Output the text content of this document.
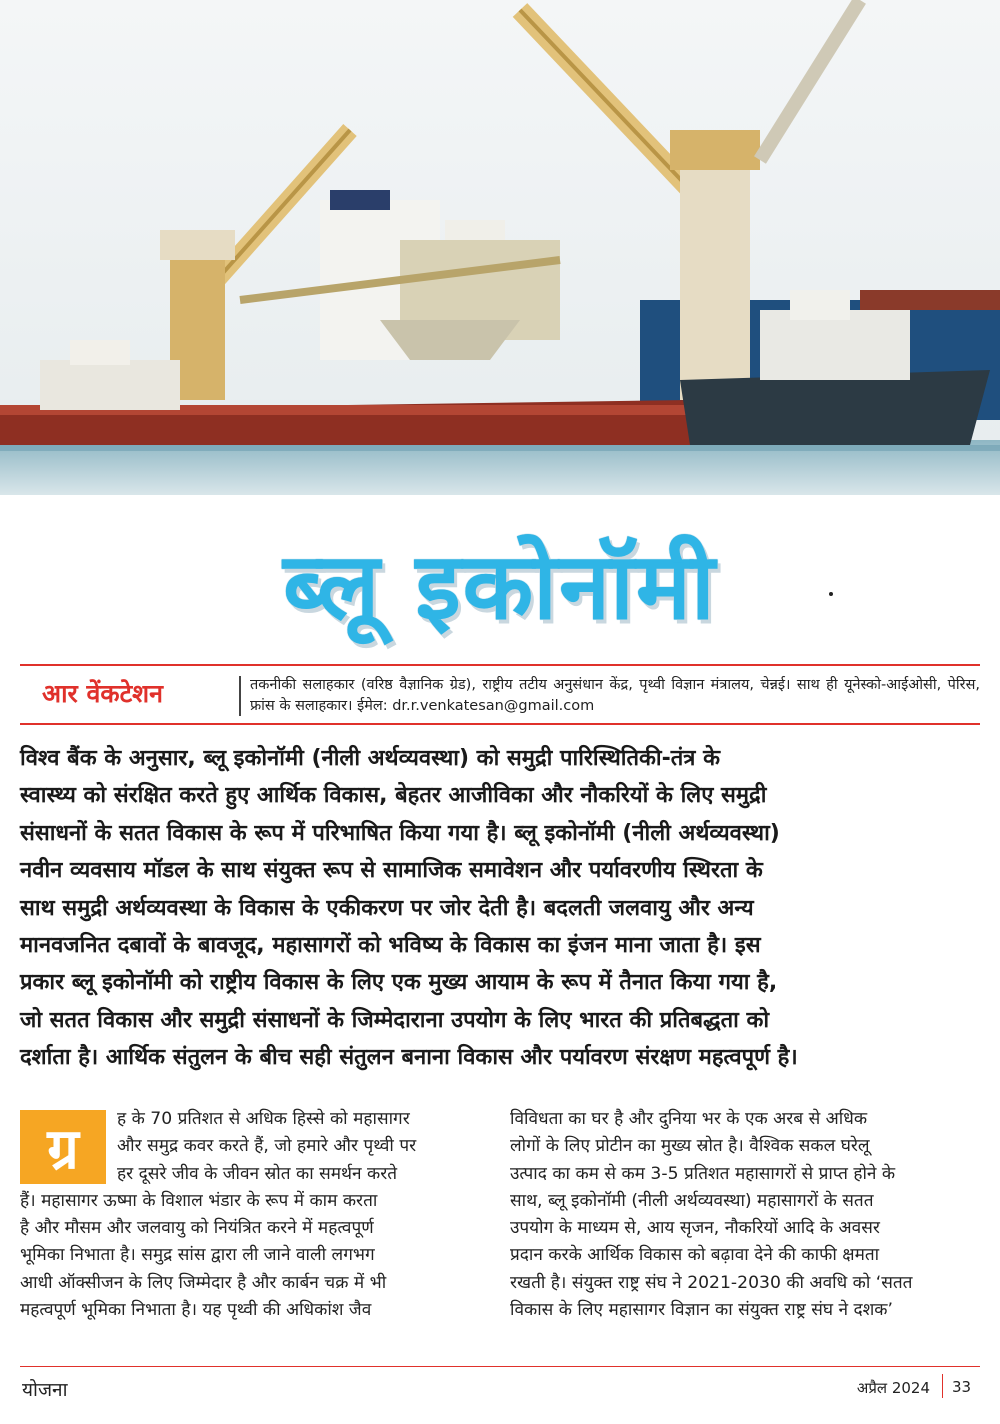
ब्लू इकोनॉमी
आर वेंकटेशन	तकनीकी सलाहकार (वरिष्ठ वैज्ञानिक ग्रेड), राष्ट्रीय तटीय अनुसंधान केंद्र, पृथ्वी विज्ञान मंत्रालय, चेन्नई। साथ ही यूनेस्को-आईओसी, पेरिस, फ्रांस के सलाहकार। ईमेल: dr.r.venkatesan@gmail.com
विश्व बैंक के अनुसार, ब्लू इकोनॉमी (नीली अर्थव्यवस्था) को समुद्री पारिस्थितिकी-तंत्र के
स्वास्थ्य को संरक्षित करते हुए आर्थिक विकास, बेहतर आजीविका और नौकरियों के लिए समुद्री
संसाधनों के सतत विकास के रूप में परिभाषित किया गया है। ब्लू इकोनॉमी (नीली अर्थव्यवस्था)
नवीन व्यवसाय मॉडल के साथ संयुक्त रूप से सामाजिक समावेशन और पर्यावरणीय स्थिरता के
साथ समुद्री अर्थव्यवस्था के विकास के एकीकरण पर जोर देती है। बदलती जलवायु और अन्य
मानवजनित दबावों के बावजूद, महासागरों को भविष्य के विकास का इंजन माना जाता है। इस
प्रकार ब्लू इकोनॉमी को राष्ट्रीय विकास के लिए एक मुख्य आयाम के रूप में तैनात किया गया है,
जो सतत विकास और समुद्री संसाधनों के जिम्मेदाराना उपयोग के लिए भारत की प्रतिबद्धता को
दर्शाता है। आर्थिक संतुलन के बीच सही संतुलन बनाना विकास और पर्यावरण संरक्षण महत्वपूर्ण है।
ग्र	ह के 70 प्रतिशत से अधिक हिस्से को महासागर
और समुद्र कवर करते हैं, जो हमारे और पृथ्वी पर
हर दूसरे जीव के जीवन स्रोत का समर्थन करते
हैं। महासागर ऊष्मा के विशाल भंडार के रूप में काम करता
है और मौसम और जलवायु को नियंत्रित करने में महत्वपूर्ण
भूमिका निभाता है। समुद्र सांस द्वारा ली जाने वाली लगभग
आधी ऑक्सीजन के लिए जिम्मेदार है और कार्बन चक्र में भी
महत्वपूर्ण भूमिका निभाता है। यह पृथ्वी की अधिकांश जैव
विविधता का घर है और दुनिया भर के एक अरब से अधिक
लोगों के लिए प्रोटीन का मुख्य स्रोत है। वैश्विक सकल घरेलू
उत्पाद का कम से कम 3-5 प्रतिशत महासागरों से प्राप्त होने के
साथ, ब्लू इकोनॉमी (नीली अर्थव्यवस्था) महासागरों के सतत
उपयोग के माध्यम से, आय सृजन, नौकरियों आदि के अवसर
प्रदान करके आर्थिक विकास को बढ़ावा देने की काफी क्षमता
रखती है। संयुक्त राष्ट्र संघ ने 2021-2030 की अवधि को ‘सतत
विकास के लिए महासागर विज्ञान का संयुक्त राष्ट्र संघ ने दशक’
योजना	अप्रैल 2024 33
